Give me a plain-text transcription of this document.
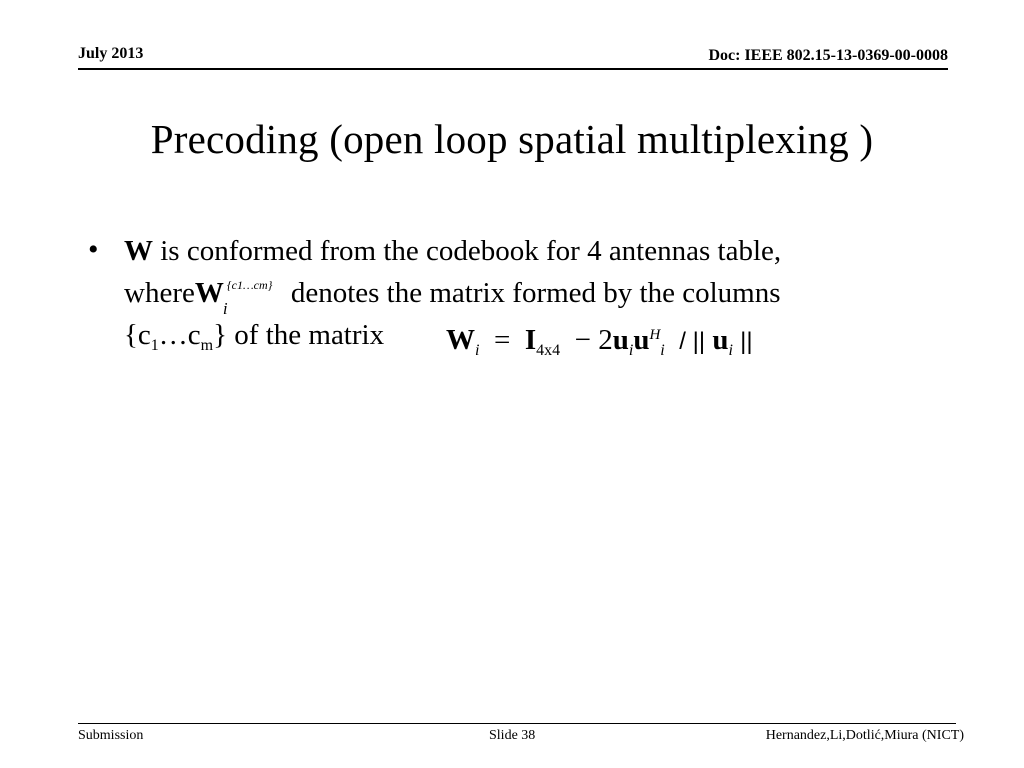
July 2013	Doc: IEEE 802.15-13-0369-00-0008
Precoding (open loop spatial multiplexing )
• W is conformed from the codebook for 4 antennas table,
where W {c1…cm}
i denotes the matrix formed by the columns
$\{c_1\dots c_m\}$ of the matrix $W_i = I_{4x4} - 2u_iu^H_i$ / || $u_i$ ||
Submission	Slide 38	Hernandez,Li,Dotlić,Miura (NICT)
